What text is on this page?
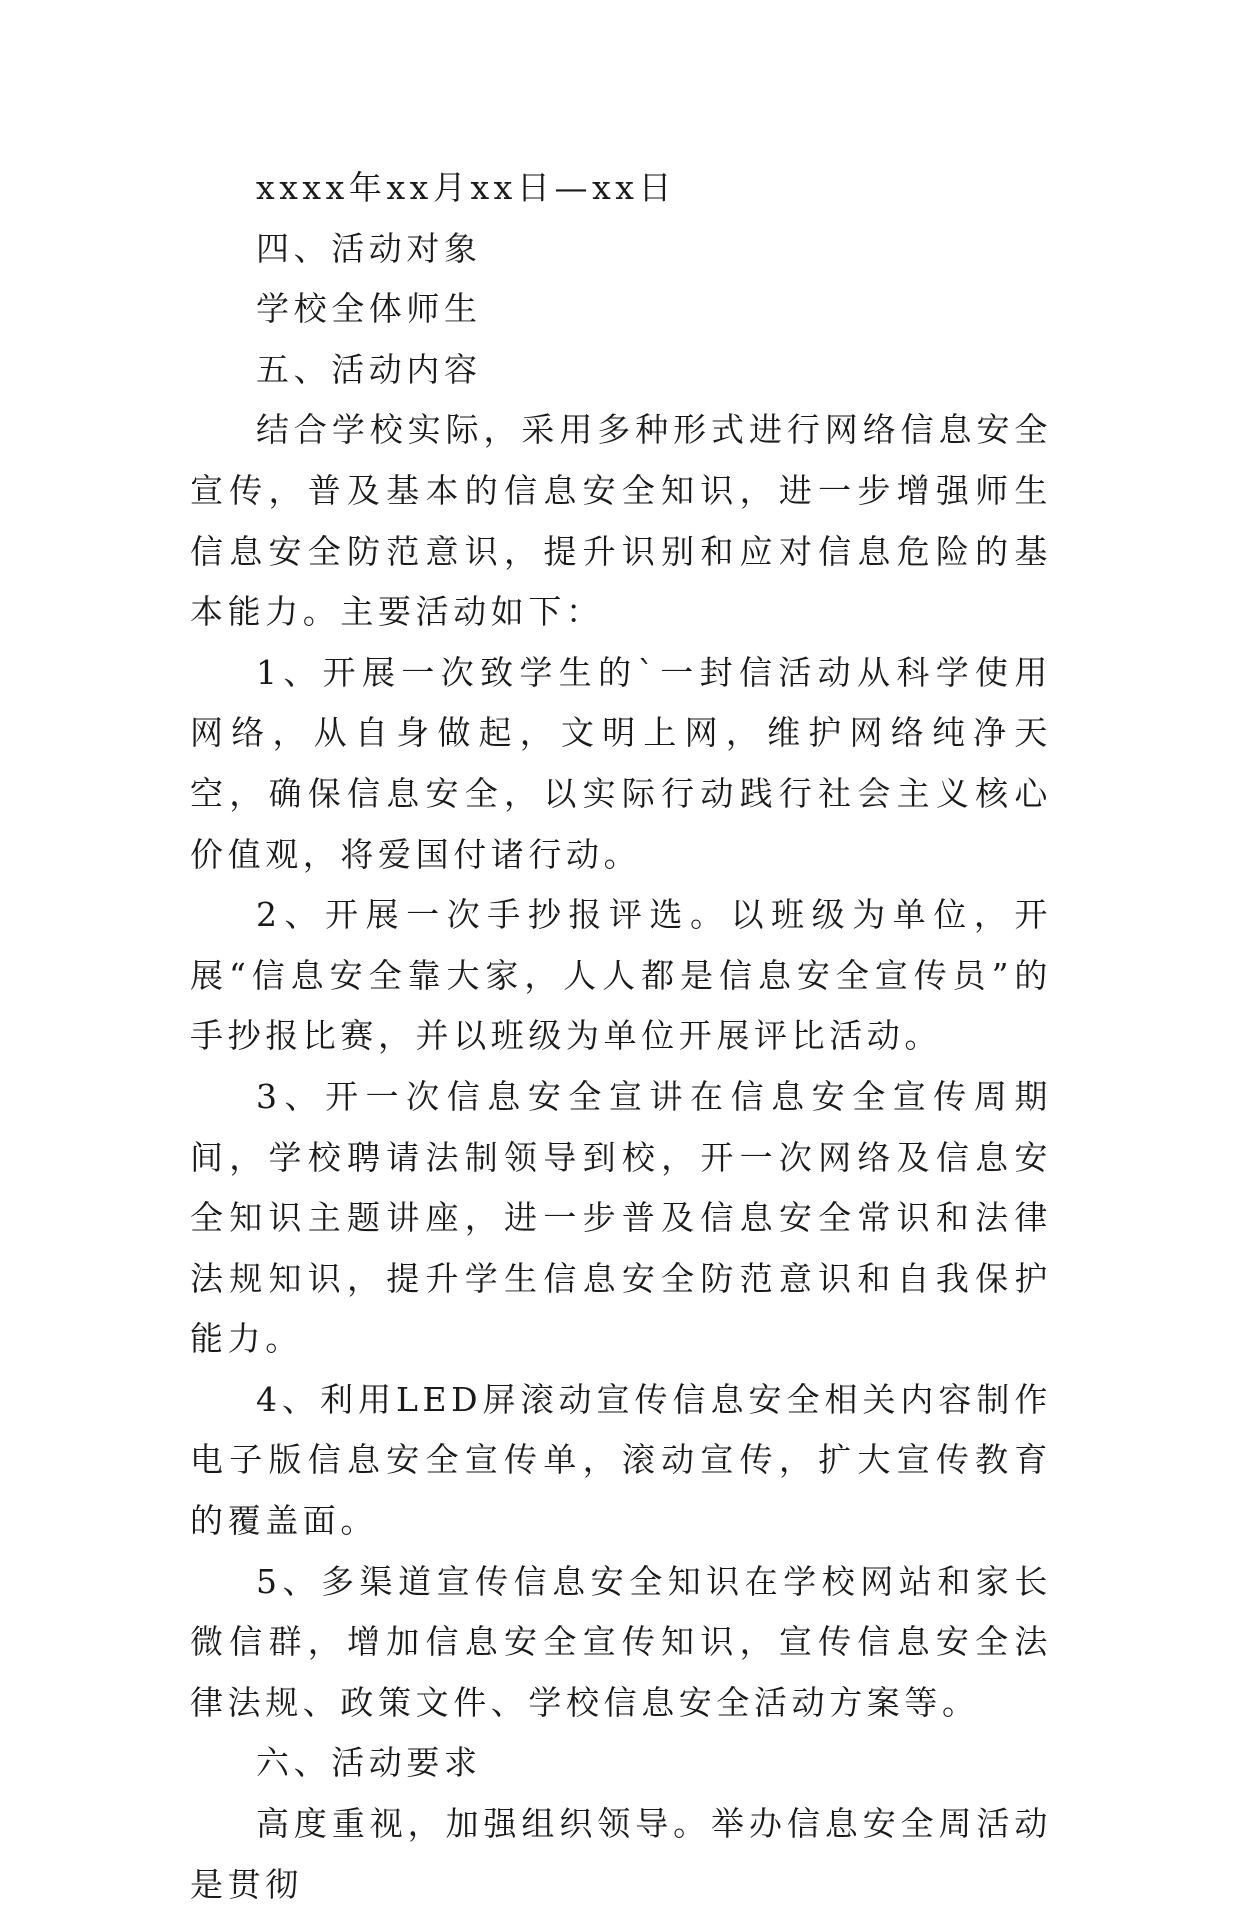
xxxx年xx月xx日—xx日

四、活动对象

学校全体师生

五、活动内容

结合学校实际，采用多种形式进行网络信息安全宣传，普及基本的信息安全知识，进一步增强师生信息安全防范意识，提升识别和应对信息危险的基本能力。主要活动如下：

1、开展一次致学生的`一封信活动从科学使用网络，从自身做起，文明上网，维护网络纯净天空，确保信息安全，以实际行动践行社会主义核心价值观，将爱国付诸行动。

2、开展一次手抄报评选。以班级为单位，开展“信息安全靠大家，人人都是信息安全宣传员”的手抄报比赛，并以班级为单位开展评比活动。

3、开一次信息安全宣讲在信息安全宣传周期间，学校聘请法制领导到校，开一次网络及信息安全知识主题讲座，进一步普及信息安全常识和法律法规知识，提升学生信息安全防范意识和自我保护能力。

4、利用LED屏滚动宣传信息安全相关内容制作电子版信息安全宣传单，滚动宣传，扩大宣传教育的覆盖面。

5、多渠道宣传信息安全知识在学校网站和家长微信群，增加信息安全宣传知识，宣传信息安全法律法规、政策文件、学校信息安全活动方案等。

六、活动要求

高度重视，加强组织领导。举办信息安全周活动是贯彻
